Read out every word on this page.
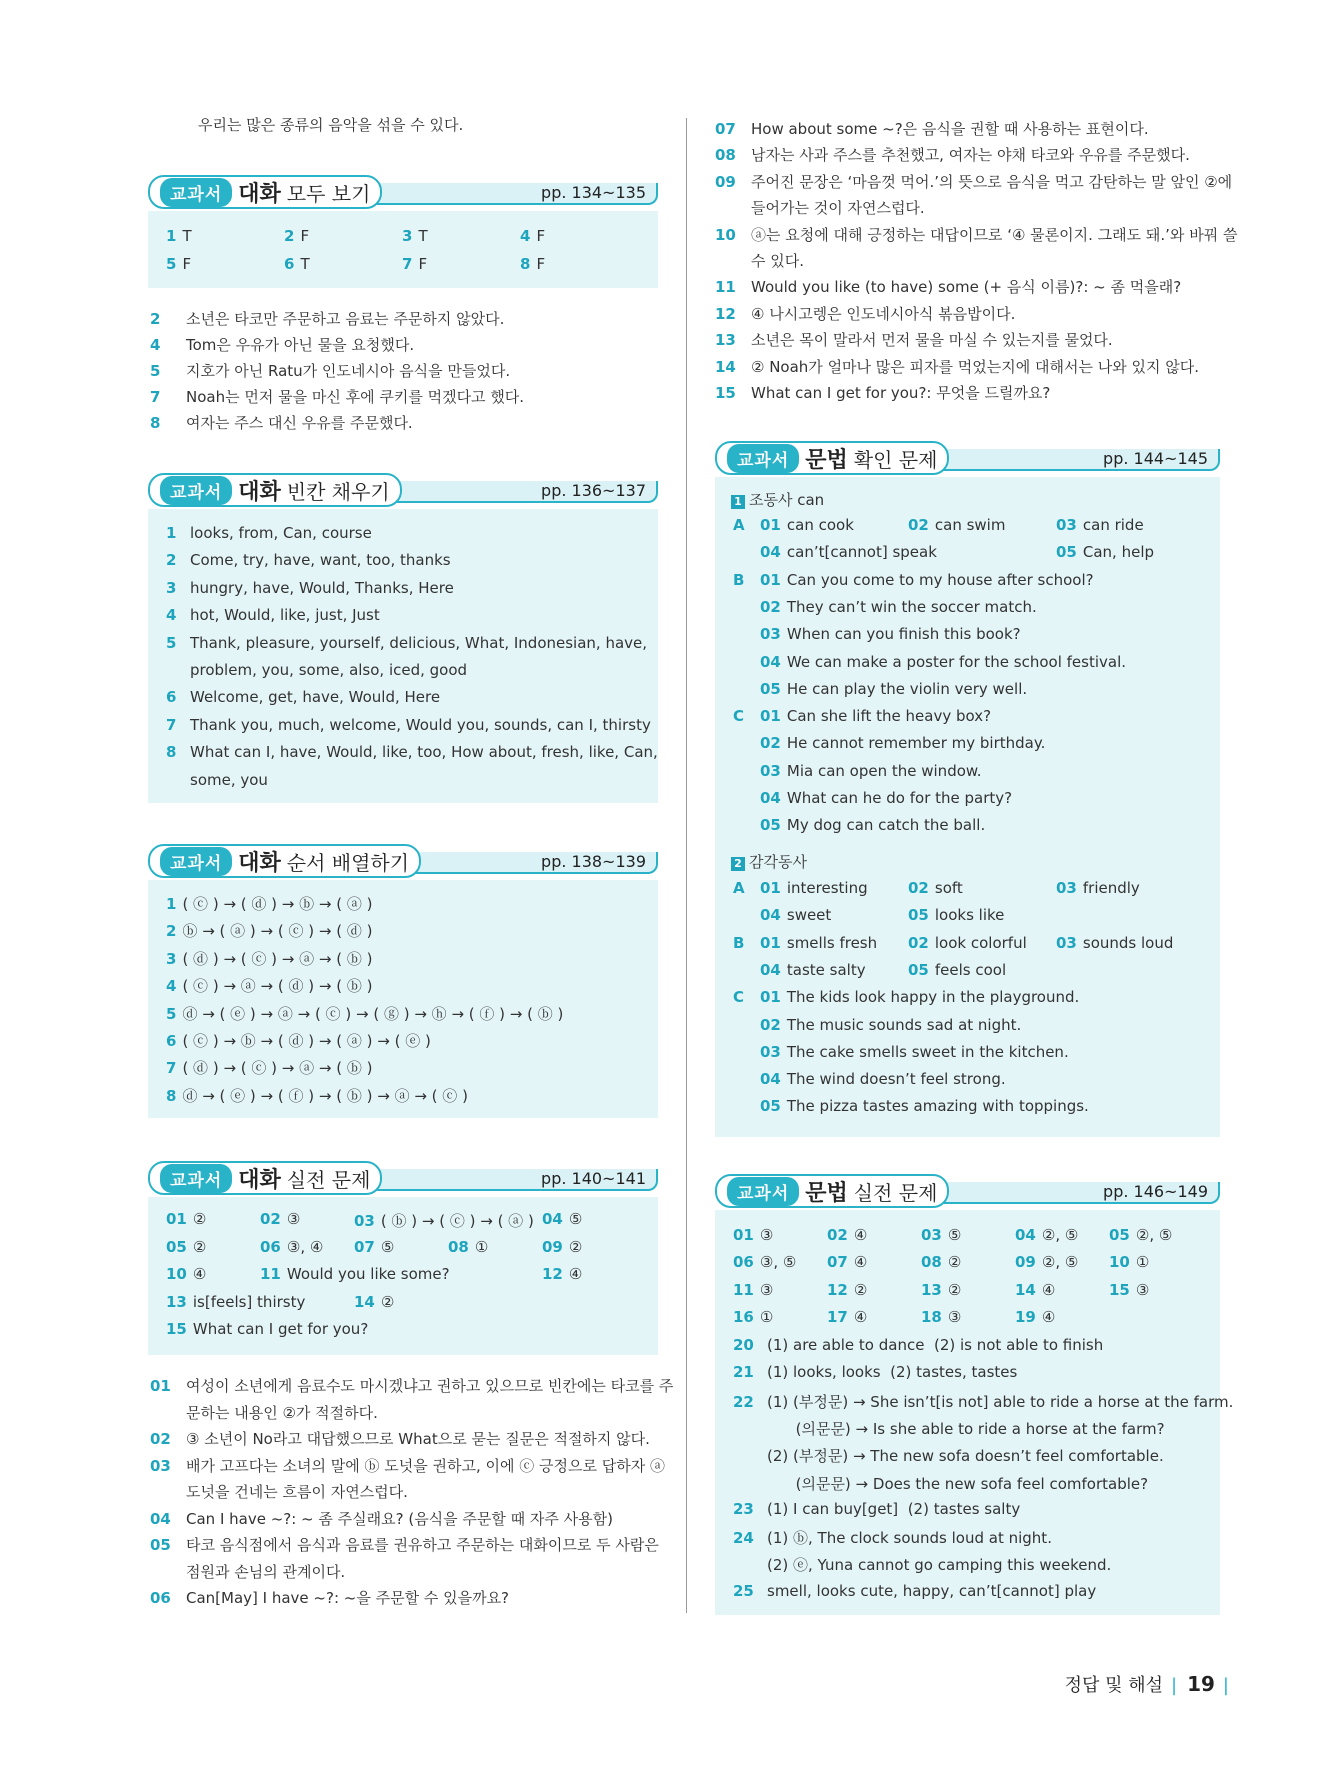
우리는 많은 종류의 음악을 섞을 수 있다.
교과서 대화 모두 보기	pp. 134~135
1 T	2 F	3 T	4 F
5 F	6 T	7 F	8 F
2 소년은 타코만 주문하고 음료는 주문하지 않았다.
4 Tom은 우유가 아닌 물을 요청했다.
5 지호가 아닌 Ratu가 인도네시아 음식을 만들었다.
7 Noah는 먼저 물을 마신 후에 쿠키를 먹겠다고 했다.
8 여자는 주스 대신 우유를 주문했다.
교과서 대화 빈칸 채우기	pp. 136~137
1 looks, from, Can, course
2 Come, try, have, want, too, thanks
3 hungry, have, Would, Thanks, Here
4 hot, Would, like, just, Just
5 Thank, pleasure, yourself, delicious, What, Indonesian, have,
problem, you, some, also, iced, good
6 Welcome, get, have, Would, Here
7 Thank you, much, welcome, Would you, sounds, can I, thirsty
8 What can I, have, Would, like, too, How about, fresh, like, Can,
some, you
교과서 대화 순서 배열하기	pp. 138~139
1 ( ⓒ ) → ( ⓓ ) → ⓑ → ( ⓐ )
2 ⓑ → ( ⓐ ) → ( ⓒ ) → ( ⓓ )
3 ( ⓓ ) → ( ⓒ ) → ⓐ → ( ⓑ )
4 ( ⓒ ) → ⓐ → ( ⓓ ) → ( ⓑ )
5 ⓓ → ( ⓔ ) → ⓐ → ( ⓒ ) → ( ⓖ ) → ⓗ → ( ⓕ ) → ( ⓑ )
6 ( ⓒ ) → ⓑ → ( ⓓ ) → ( ⓐ ) → ( ⓔ )
7 ( ⓓ ) → ( ⓒ ) → ⓐ → ( ⓑ )
8 ⓓ → ( ⓔ ) → ( ⓕ ) → ( ⓑ ) → ⓐ → ( ⓒ )
교과서 대화 실전 문제	pp. 140~141
01 ②	02 ③	03 ( ⓑ ) → ( ⓒ ) → ( ⓐ ) 04 ⑤
05 ②	06 ③, ④ 07 ⑤	08 ①	09 ②
10 ④	11 Would you like some?	12 ④
13 is[feels] thirsty	14 ②
15 What can I get for you?
01 여성이 소년에게 음료수도 마시겠냐고 권하고 있으므로 빈칸에는 타코를 주
문하는 내용인 ②가 적절하다.
02 ③ 소년이 No라고 대답했으므로 What으로 묻는 질문은 적절하지 않다.
03 배가 고프다는 소녀의 말에 ⓑ 도넛을 권하고, 이에 ⓒ 긍정으로 답하자 ⓐ
도넛을 건네는 흐름이 자연스럽다.
04 Can I have ~?: ~ 좀 주실래요? (음식을 주문할 때 자주 사용함)
05 타코 음식점에서 음식과 음료를 권유하고 주문하는 대화이므로 두 사람은
점원과 손님의 관계이다.
06 Can[May] I have ~?: ~을 주문할 수 있을까요?
07 How about some ~?은 음식을 권할 때 사용하는 표현이다.
08 남자는 사과 주스를 추천했고, 여자는 야채 타코와 우유를 주문했다.
09 주어진 문장은 ‘마음껏 먹어.’의 뜻으로 음식을 먹고 감탄하는 말 앞인 ②에
들어가는 것이 자연스럽다.
10 ⓐ는 요청에 대해 긍정하는 대답이므로 ‘④ 물론이지. 그래도 돼.’와 바꿔 쓸
수 있다.
11 Would you like (to have) some (+ 음식 이름)?: ~ 좀 먹을래?
12 ④ 나시고렝은 인도네시아식 볶음밥이다.
13 소년은 목이 말라서 먼저 물을 마실 수 있는지를 물었다.
14 ② Noah가 얼마나 많은 피자를 먹었는지에 대해서는 나와 있지 않다.
15 What can I get for you?: 무엇을 드릴까요?
교과서 문법 확인 문제	pp. 144~145
1 조동사 can
A 01 can cook	02 can swim	03 can ride
04 can’t[cannot] speak	05 Can, help
B 01 Can you come to my house after school?
02 They can’t win the soccer match.
03 When can you finish this book?
04 We can make a poster for the school festival.
05 He can play the violin very well.
C 01 Can she lift the heavy box?
02 He cannot remember my birthday.
03 Mia can open the window.
04 What can he do for the party?
05 My dog can catch the ball.
2 감각동사
A 01 interesting	02 soft	03 friendly
04 sweet	05 looks like
B 01 smells fresh 02 look colorful 03 sounds loud
04 taste salty	05 feels cool
C 01 The kids look happy in the playground.
02 The music sounds sad at night.
03 The cake smells sweet in the kitchen.
04 The wind doesn’t feel strong.
05 The pizza tastes amazing with toppings.
교과서 문법 실전 문제	pp. 146~149
01 ③	02 ④	03 ⑤	04 ②, ⑤ 05 ②, ⑤
06 ③, ⑤ 07 ④	08 ②	09 ②, ⑤ 10 ①
11 ③	12 ②	13 ②	14 ④	15 ③
16 ①	17 ④	18 ③	19 ④
20 (1) are able to dance  (2) is not able to finish
21 (1) looks, looks  (2) tastes, tastes
22 (1) (부정문) → She isn’t[is not] able to ride a horse at the farm.
(의문문) → Is she able to ride a horse at the farm?
(2) (부정문) → The new sofa doesn’t feel comfortable.
(의문문) → Does the new sofa feel comfortable?
23 (1) I can buy[get]  (2) tastes salty
24 (1) ⓑ, The clock sounds loud at night.
(2) ⓔ, Yuna cannot go camping this weekend.
25 smell, looks cute, happy, can’t[cannot] play
정답 및 해설 | 19 |
